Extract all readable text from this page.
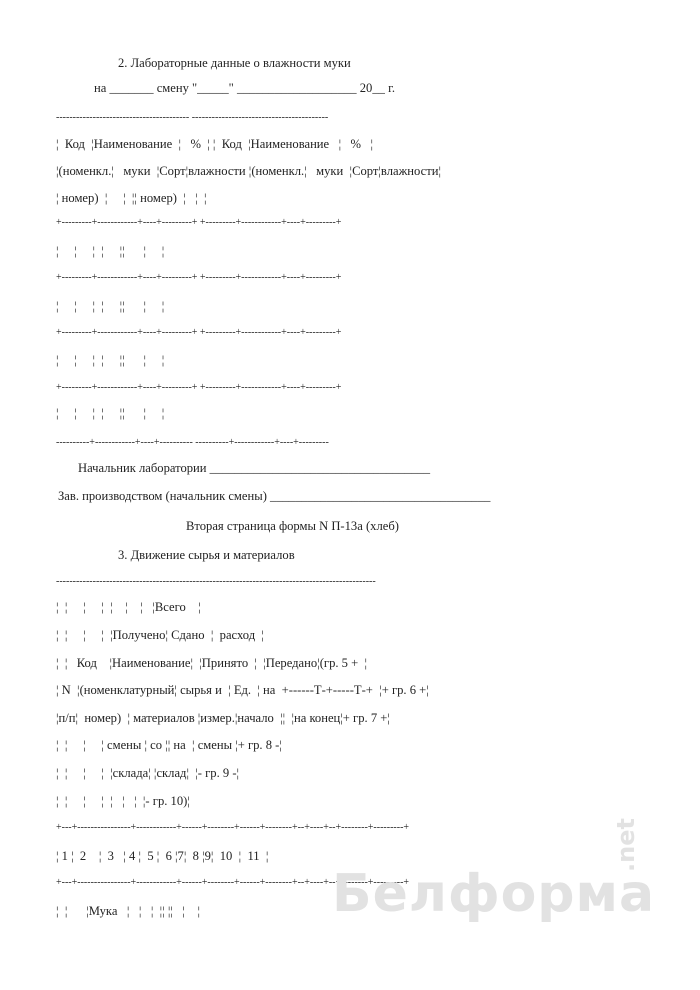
2. Лабораторные данные о влажности муки
на _______ смену "_____" ___________________ 20__ г.
---------------------------------------- -----------------------------------------
¦  Код  ¦Наименование  ¦   %  ¦ ¦  Код  ¦Наименование   ¦   %   ¦
¦(номенкл.¦   муки  ¦Сорт¦влажности ¦(номенкл.¦   муки  ¦Сорт¦влажности¦
¦ номер)  ¦     ¦  ¦¦ номер)  ¦   ¦  ¦
+---------+------------+----+---------+ +---------+------------+----+---------+
¦     ¦     ¦  ¦     ¦¦      ¦     ¦
+---------+------------+----+---------+ +---------+------------+----+---------+
¦     ¦     ¦  ¦     ¦¦      ¦     ¦
+---------+------------+----+---------+ +---------+------------+----+---------+
¦     ¦     ¦  ¦     ¦¦      ¦     ¦
+---------+------------+----+---------+ +---------+------------+----+---------+
¦     ¦     ¦  ¦     ¦¦      ¦     ¦
----------+------------+----+---------- ----------+------------+----+---------
Начальник лаборатории ___________________________________
Зав. производством (начальник смены) ___________________________________
Вторая страница формы N П-13а (хлеб)
3. Движение сырья и материалов
------------------------------------------------------------------------------------------------
¦  ¦     ¦     ¦  ¦    ¦    ¦   ¦Всего    ¦
¦  ¦     ¦     ¦  ¦Получено¦ Сдано  ¦  расход  ¦
¦  ¦   Код    ¦Наименование¦  ¦Принято  ¦  ¦Передано¦(гр. 5 +  ¦
¦ N  ¦(номенклатурный¦ сырья и  ¦ Ед.  ¦ на  +------Т-+-----Т-+  ¦+ гр. 6 +¦
¦п/п¦  номер)  ¦ материалов ¦измер.¦начало  ¦¦  ¦на конец¦+ гр. 7 +¦
¦  ¦     ¦     ¦ смены ¦ со ¦¦ на  ¦ смены ¦+ гр. 8 -¦
¦  ¦     ¦     ¦  ¦склада¦ ¦склад¦  ¦- гр. 9 -¦
¦  ¦     ¦     ¦  ¦   ¦   ¦  ¦- гр. 10)¦
+---+----------------+------------+------+--------+------+--------+--+----+--+--------+---------+
¦ 1 ¦  2    ¦  3   ¦ 4 ¦  5 ¦  6 ¦7¦  8 ¦9¦  10  ¦  11  ¦
+---+----------------+------------+------+--------+------+--------+--+----+--+--------+---------+
¦  ¦      ¦Мука   ¦   ¦   ¦  ¦¦ ¦¦   ¦    ¦	Белформа
.net
